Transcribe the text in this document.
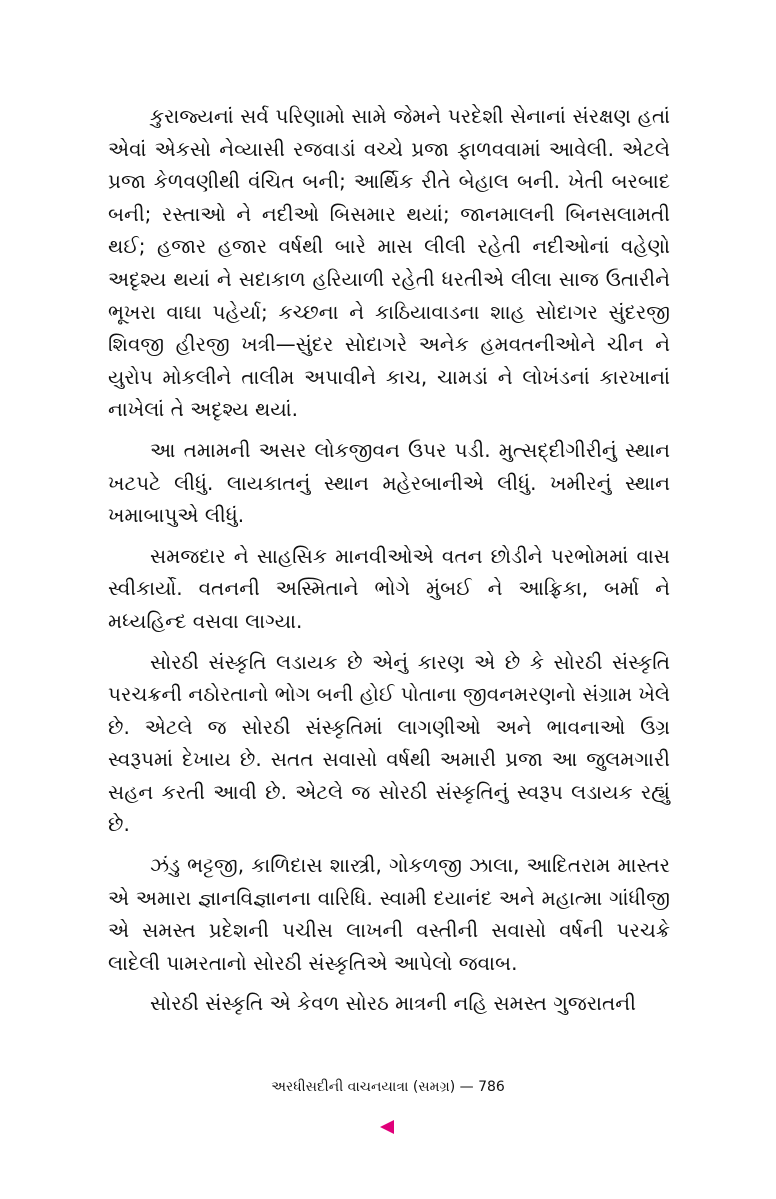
કુરાજ્યનાં સર્વ પરિણામો સામે જેમને પરદેશી સેનાનાં સંરક્ષણ હતાં એવાં એકસો નેવ્યાસી રજવાડાં વચ્ચે પ્રજા ફાળવવામાં આવેલી. એટલે પ્રજા કેળવણીથી વંચિત બની; આર્થિક રીતે બેહાલ બની. ખેતી બરબાદ બની; રસ્તાઓ ને નદીઓ બિસમાર થયાં; જાનમાલની બિનસલામતી થઈ; હજાર હજાર વર્ષથી બારે માસ લીલી રહેતી નદીઓનાં વહેણો અદૃશ્ય થયાં ને સદાકાળ હરિયાળી રહેતી ધરતીએ લીલા સાજ ઉતારીને ભૂખરા વાઘા પહેર્યા; કચ્છના ને કાઠિયાવાડના શાહ સોદાગર સુંદરજી શિવજી હીરજી ખત્રી—સુંદર સોદાગરે અનેક હમવતનીઓને ચીન ને યુરોપ મોકલીને તાલીમ અપાવીને કાચ, ચામડાં ને લોખંડનાં કારખાનાં નાખેલાં તે અદૃશ્ય થયાં.

આ તમામની અસર લોકજીવન ઉપર પડી. મુત્સદ્દીગીરીનું સ્થાન ખટપટે લીધું. લાયકાતનું સ્થાન મહેરબાનીએ લીધું. ખમીરનું સ્થાન ખમાબાપુએ લીધું.

સમજદાર ને સાહસિક માનવીઓએ વતન છોડીને પરભોમમાં વાસ સ્વીકાર્યો. વતનની અસ્મિતાને ભોગે મુંબઈ ને આફ્રિકા, બર્મા ને મધ્યહિન્દ વસવા લાગ્યા.

સોરઠી સંસ્કૃતિ લડાયક છે એનું કારણ એ છે કે સોરઠી સંસ્કૃતિ પરચક્રની નઠોરતાનો ભોગ બની હોઈ પોતાના જીવનમરણનો સંગ્રામ ખેલે છે. એટલે જ સોરઠી સંસ્કૃતિમાં લાગણીઓ અને ભાવનાઓ ઉગ્ર સ્વરૂપમાં દેખાય છે. સતત સવાસો વર્ષથી અમારી પ્રજા આ જુલમગારી સહન કરતી આવી છે. એટલે જ સોરઠી સંસ્કૃતિનું સ્વરૂપ લડાયક રહ્યું છે.

ઝંડુ ભટ્ટજી, કાળિદાસ શાસ્ત્રી, ગોકળજી ઝાલા, આદિતરામ માસ્તર એ અમારા જ્ઞાનવિજ્ઞાનના વારિધિ. સ્વામી દયાનંદ અને મહાત્મા ગાંધીજી એ સમસ્ત પ્રદેશની પચીસ લાખની વસ્તીની સવાસો વર્ષની પરચક્રે લાદેલી પામરતાનો સોરઠી સંસ્કૃતિએ આપેલો જવાબ.

સોરઠી સંસ્કૃતિ એ કેવળ સોરઠ માત્રની નહિ સમસ્ત ગુજરાતની

અરધીસદીની વાચનયાત્રા (સમગ્ર) — 786
